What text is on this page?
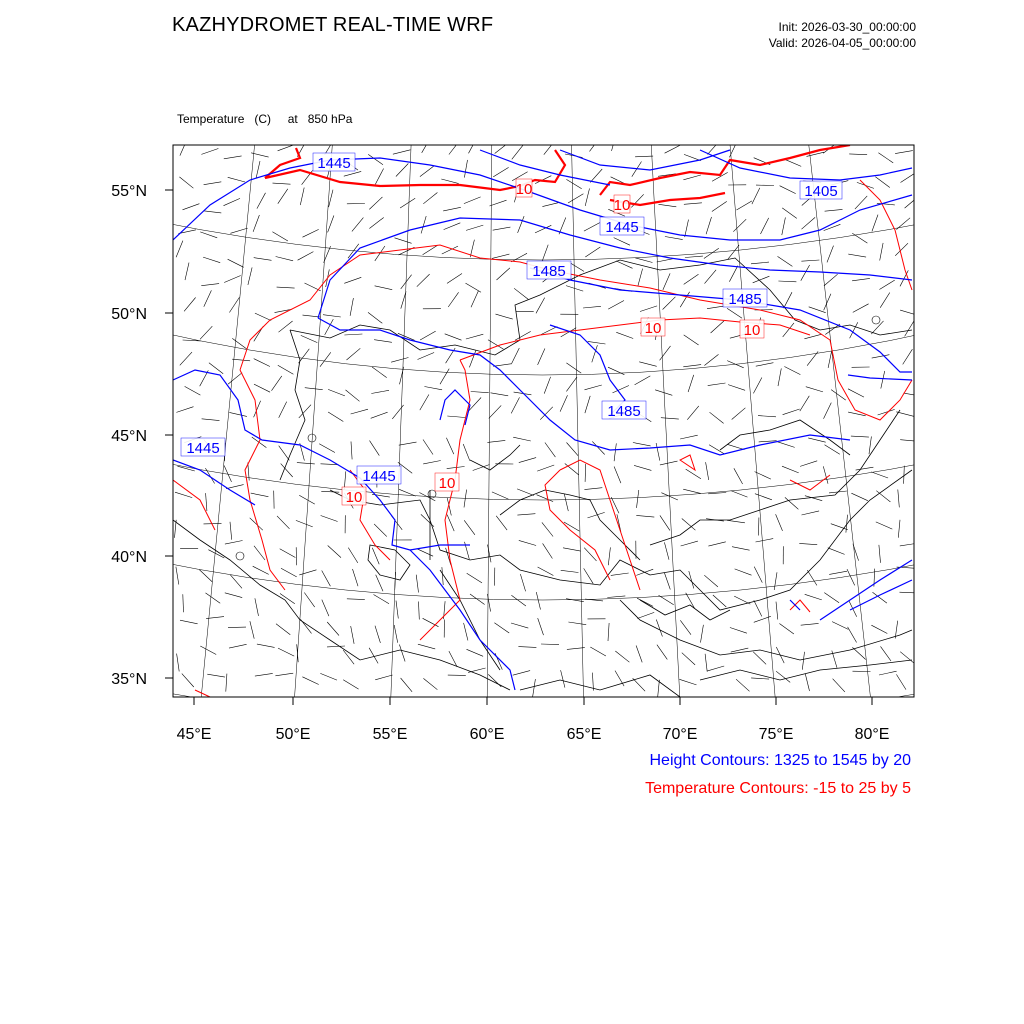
KAZHYDROMET REAL-TIME WRF	Init: 2026-03-30_00:00:00
Valid: 2026-04-05_00:00:00

Temperature   (C)     at   850 hPa

1445
1405
1445
1485
1485
1485
1445
1445
10
10
10	10
10
10
55°N
50°N
45°N
40°N
35°N
45°E	50°E	55°E	60°E	65°E	70°E	75°E	80°E
Height Contours: 1325 to 1545 by 20
Temperature Contours: -15 to 25 by 5
